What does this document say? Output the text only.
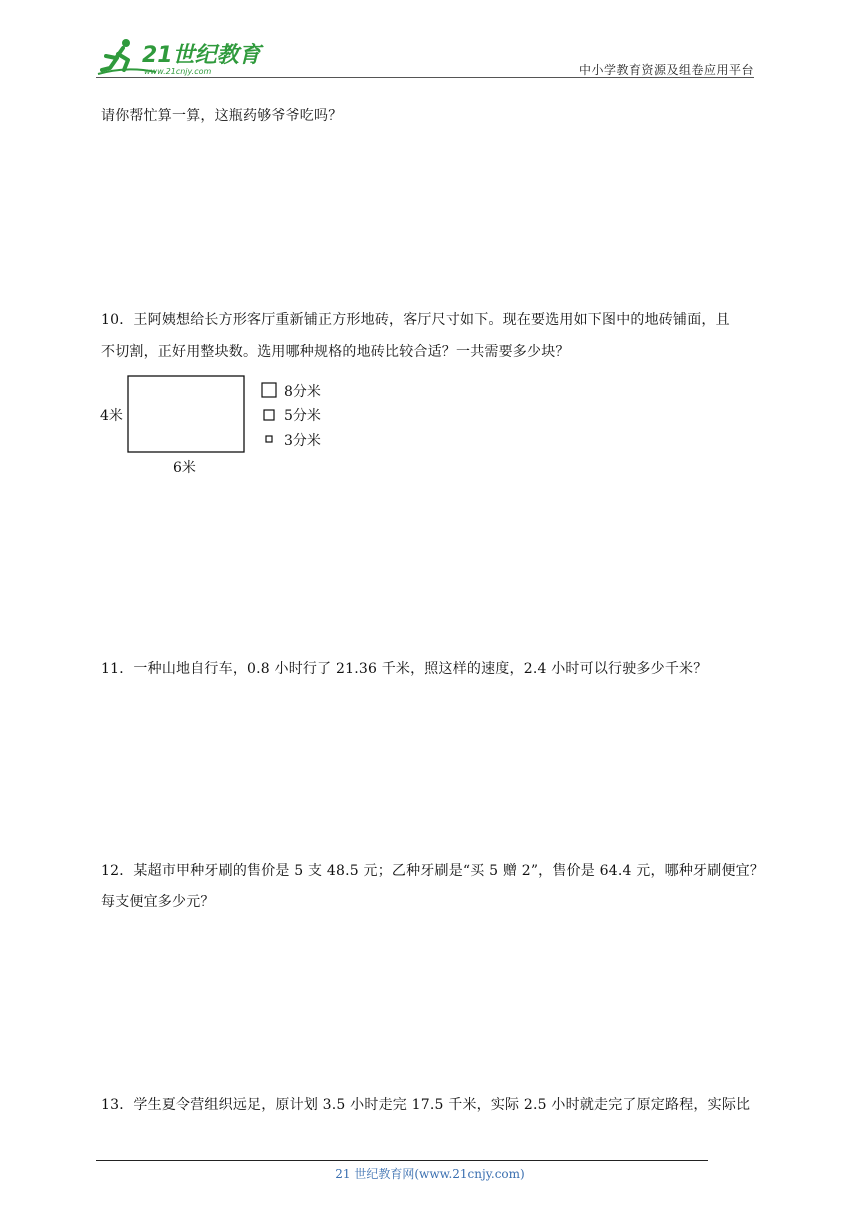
21世纪教育
www.21cnjy.com	中小学教育资源及组卷应用平台
请你帮忙算一算，这瓶药够爷爷吃吗？
10．王阿姨想给长方形客厅重新铺正方形地砖，客厅尺寸如下。现在要选用如下图中的地砖铺面，且
不切割，正好用整块数。选用哪种规格的地砖比较合适？一共需要多少块？
4米
6米
8分米
5分米
3分米
11．一种山地自行车，0.8 小时行了 21.36 千米，照这样的速度，2.4 小时可以行驶多少千米？
12．某超市甲种牙刷的售价是 5 支 48.5 元；乙种牙刷是“买 5 赠 2”，售价是 64.4 元，哪种牙刷便宜？
每支便宜多少元？
13．学生夏令营组织远足，原计划 3.5 小时走完 17.5 千米，实际 2.5 小时就走完了原定路程，实际比
21 世纪教育网(www.21cnjy.com)
